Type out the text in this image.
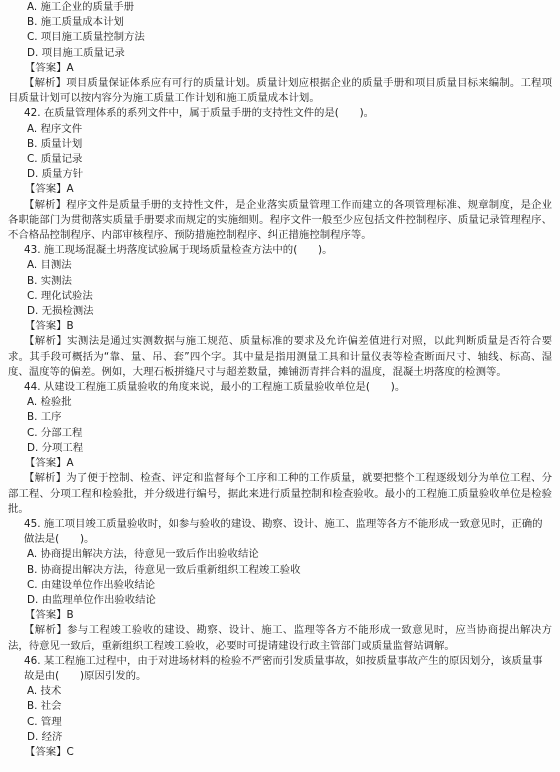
A. 施工企业的质量手册
B. 施工质量成本计划
C. 项目施工质量控制方法
D. 项目施工质量记录
【答案】A
【解析】项目质量保证体系应有可行的质量计划。质量计划应根据企业的质量手册和项目质量目标来编制。工程项目质量计划可以按内容分为施工质量工作计划和施工质量成本计划。
42. 在质量管理体系的系列文件中，属于质量手册的支持性文件的是(　　)。
A. 程序文件
B. 质量计划
C. 质量记录
D. 质量方针
【答案】A
【解析】程序文件是质量手册的支持性文件，是企业落实质量管理工作而建立的各项管理标准、规章制度，是企业各职能部门为贯彻落实质量手册要求而规定的实施细则。程序文件一般至少应包括文件控制程序、质量记录管理程序、不合格品控制程序、内部审核程序、预防措施控制程序、纠正措施控制程序等。
43. 施工现场混凝土坍落度试验属于现场质量检查方法中的(　　)。
A. 目测法
B. 实测法
C. 理化试验法
D. 无损检测法
【答案】B
【解析】实测法是通过实测数据与施工规范、质量标准的要求及允许偏差值进行对照，以此判断质量是否符合要求。其手段可概括为“靠、量、吊、套”四个字。其中量是指用测量工具和计量仪表等检查断面尺寸、轴线、标高、湿度、温度等的偏差。例如，大理石板拼缝尺寸与超差数量，摊铺沥青拌合料的温度，混凝土坍落度的检测等。
44. 从建设工程施工质量验收的角度来说，最小的工程施工质量验收单位是(　　)。
A. 检验批
B. 工序
C. 分部工程
D. 分项工程
【答案】A
【解析】为了便于控制、检查、评定和监督每个工序和工种的工作质量，就要把整个工程逐级划分为单位工程、分部工程、分项工程和检验批，并分级进行编号，据此来进行质量控制和检查验收。最小的工程施工质量验收单位是检验批。
45. 施工项目竣工质量验收时，如参与验收的建设、勘察、设计、施工、监理等各方不能形成一致意见时，正确的做法是(　　)。
A. 协商提出解决方法，待意见一致后作出验收结论
B. 协商提出解决方法，待意见一致后重新组织工程竣工验收
C. 由建设单位作出验收结论
D. 由监理单位作出验收结论
【答案】B
【解析】参与工程竣工验收的建设、勘察、设计、施工、监理等各方不能形成一致意见时，应当协商提出解决方法，待意见一致后，重新组织工程竣工验收，必要时可提请建设行政主管部门或质量监督站调解。
46. 某工程施工过程中，由于对进场材料的检验不严密而引发质量事故，如按质量事故产生的原因划分，该质量事故是由(　　)原因引发的。
A. 技术
B. 社会
C. 管理
D. 经济
【答案】C
